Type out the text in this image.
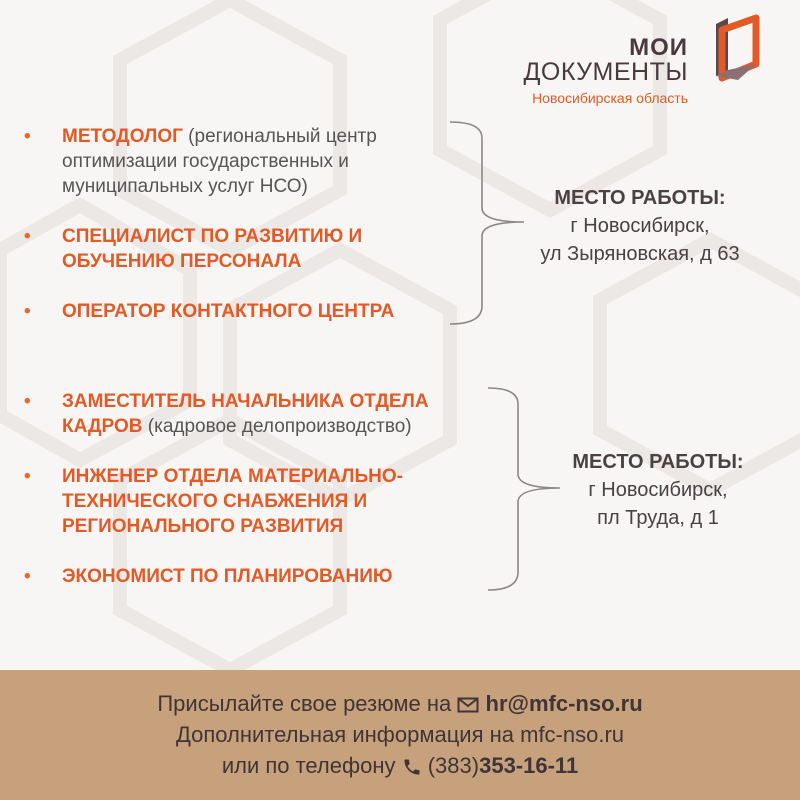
МОИ
ДОКУМЕНТЫ
Новосибирская область
• МЕТОДОЛОГ (региональный центр оптимизации государственных и муниципальных услуг НСО)
• СПЕЦИАЛИСТ ПО РАЗВИТИЮ И ОБУЧЕНИЮ ПЕРСОНАЛА
• ОПЕРАТОР КОНТАКТНОГО ЦЕНТРА
МЕСТО РАБОТЫ:
г Новосибирск,
ул Зыряновская, д 63
• ЗАМЕСТИТЕЛЬ НАЧАЛЬНИКА ОТДЕЛА КАДРОВ (кадровое делопроизводство)
• ИНЖЕНЕР ОТДЕЛА МАТЕРИАЛЬНО-ТЕХНИЧЕСКОГО СНАБЖЕНИЯ И РЕГИОНАЛЬНОГО РАЗВИТИЯ
• ЭКОНОМИСТ ПО ПЛАНИРОВАНИЮ
МЕСТО РАБОТЫ:
г Новосибирск,
пл Труда, д 1
Присылайте свое резюме на  hr@mfc-nso.ru
Дополнительная информация на mfc-nso.ru
или по телефону  (383)353-16-11
